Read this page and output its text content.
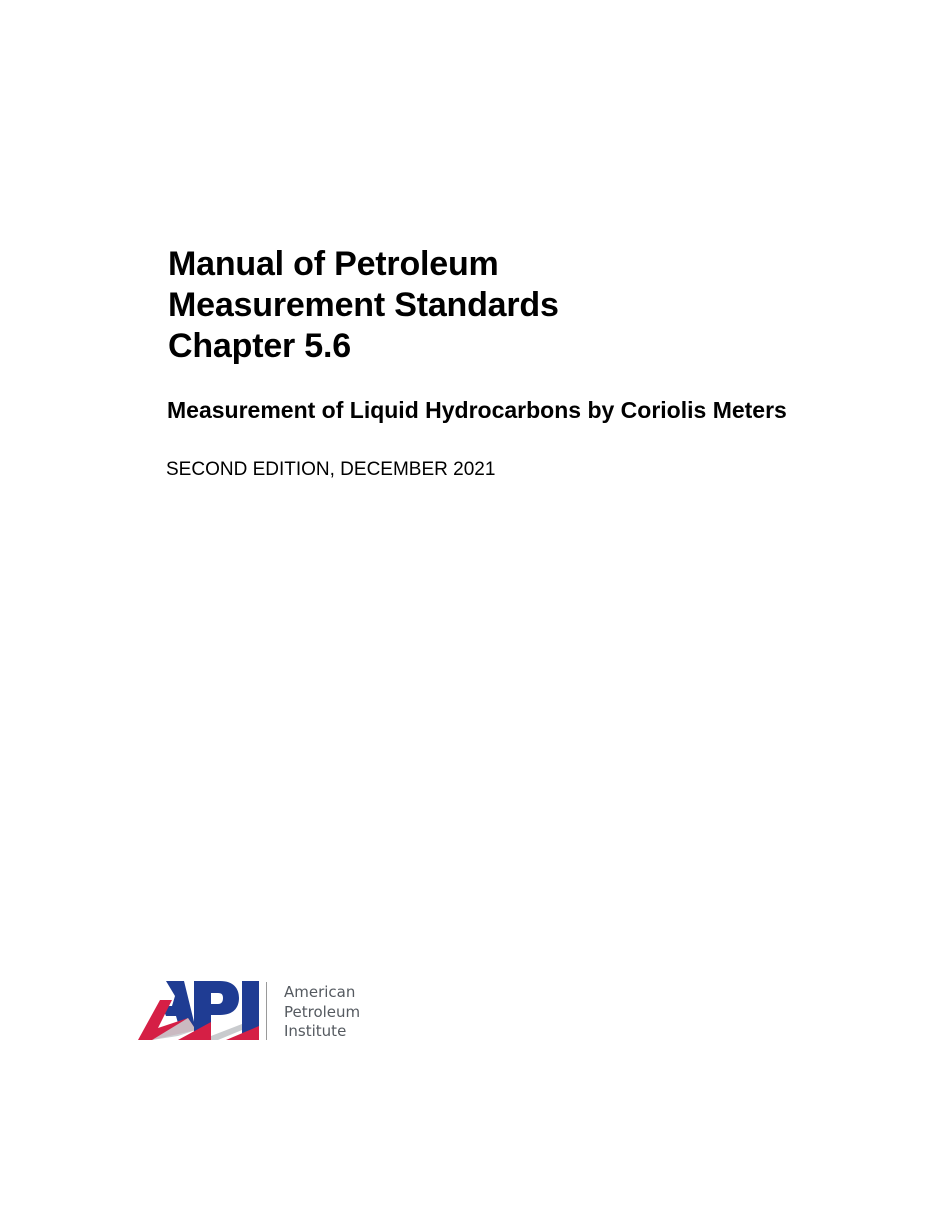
Manual of Petroleum
Measurement Standards
Chapter 5.6
Measurement of Liquid Hydrocarbons by Coriolis Meters

SECOND EDITION, DECEMBER 2021

American
Petroleum
Institute
